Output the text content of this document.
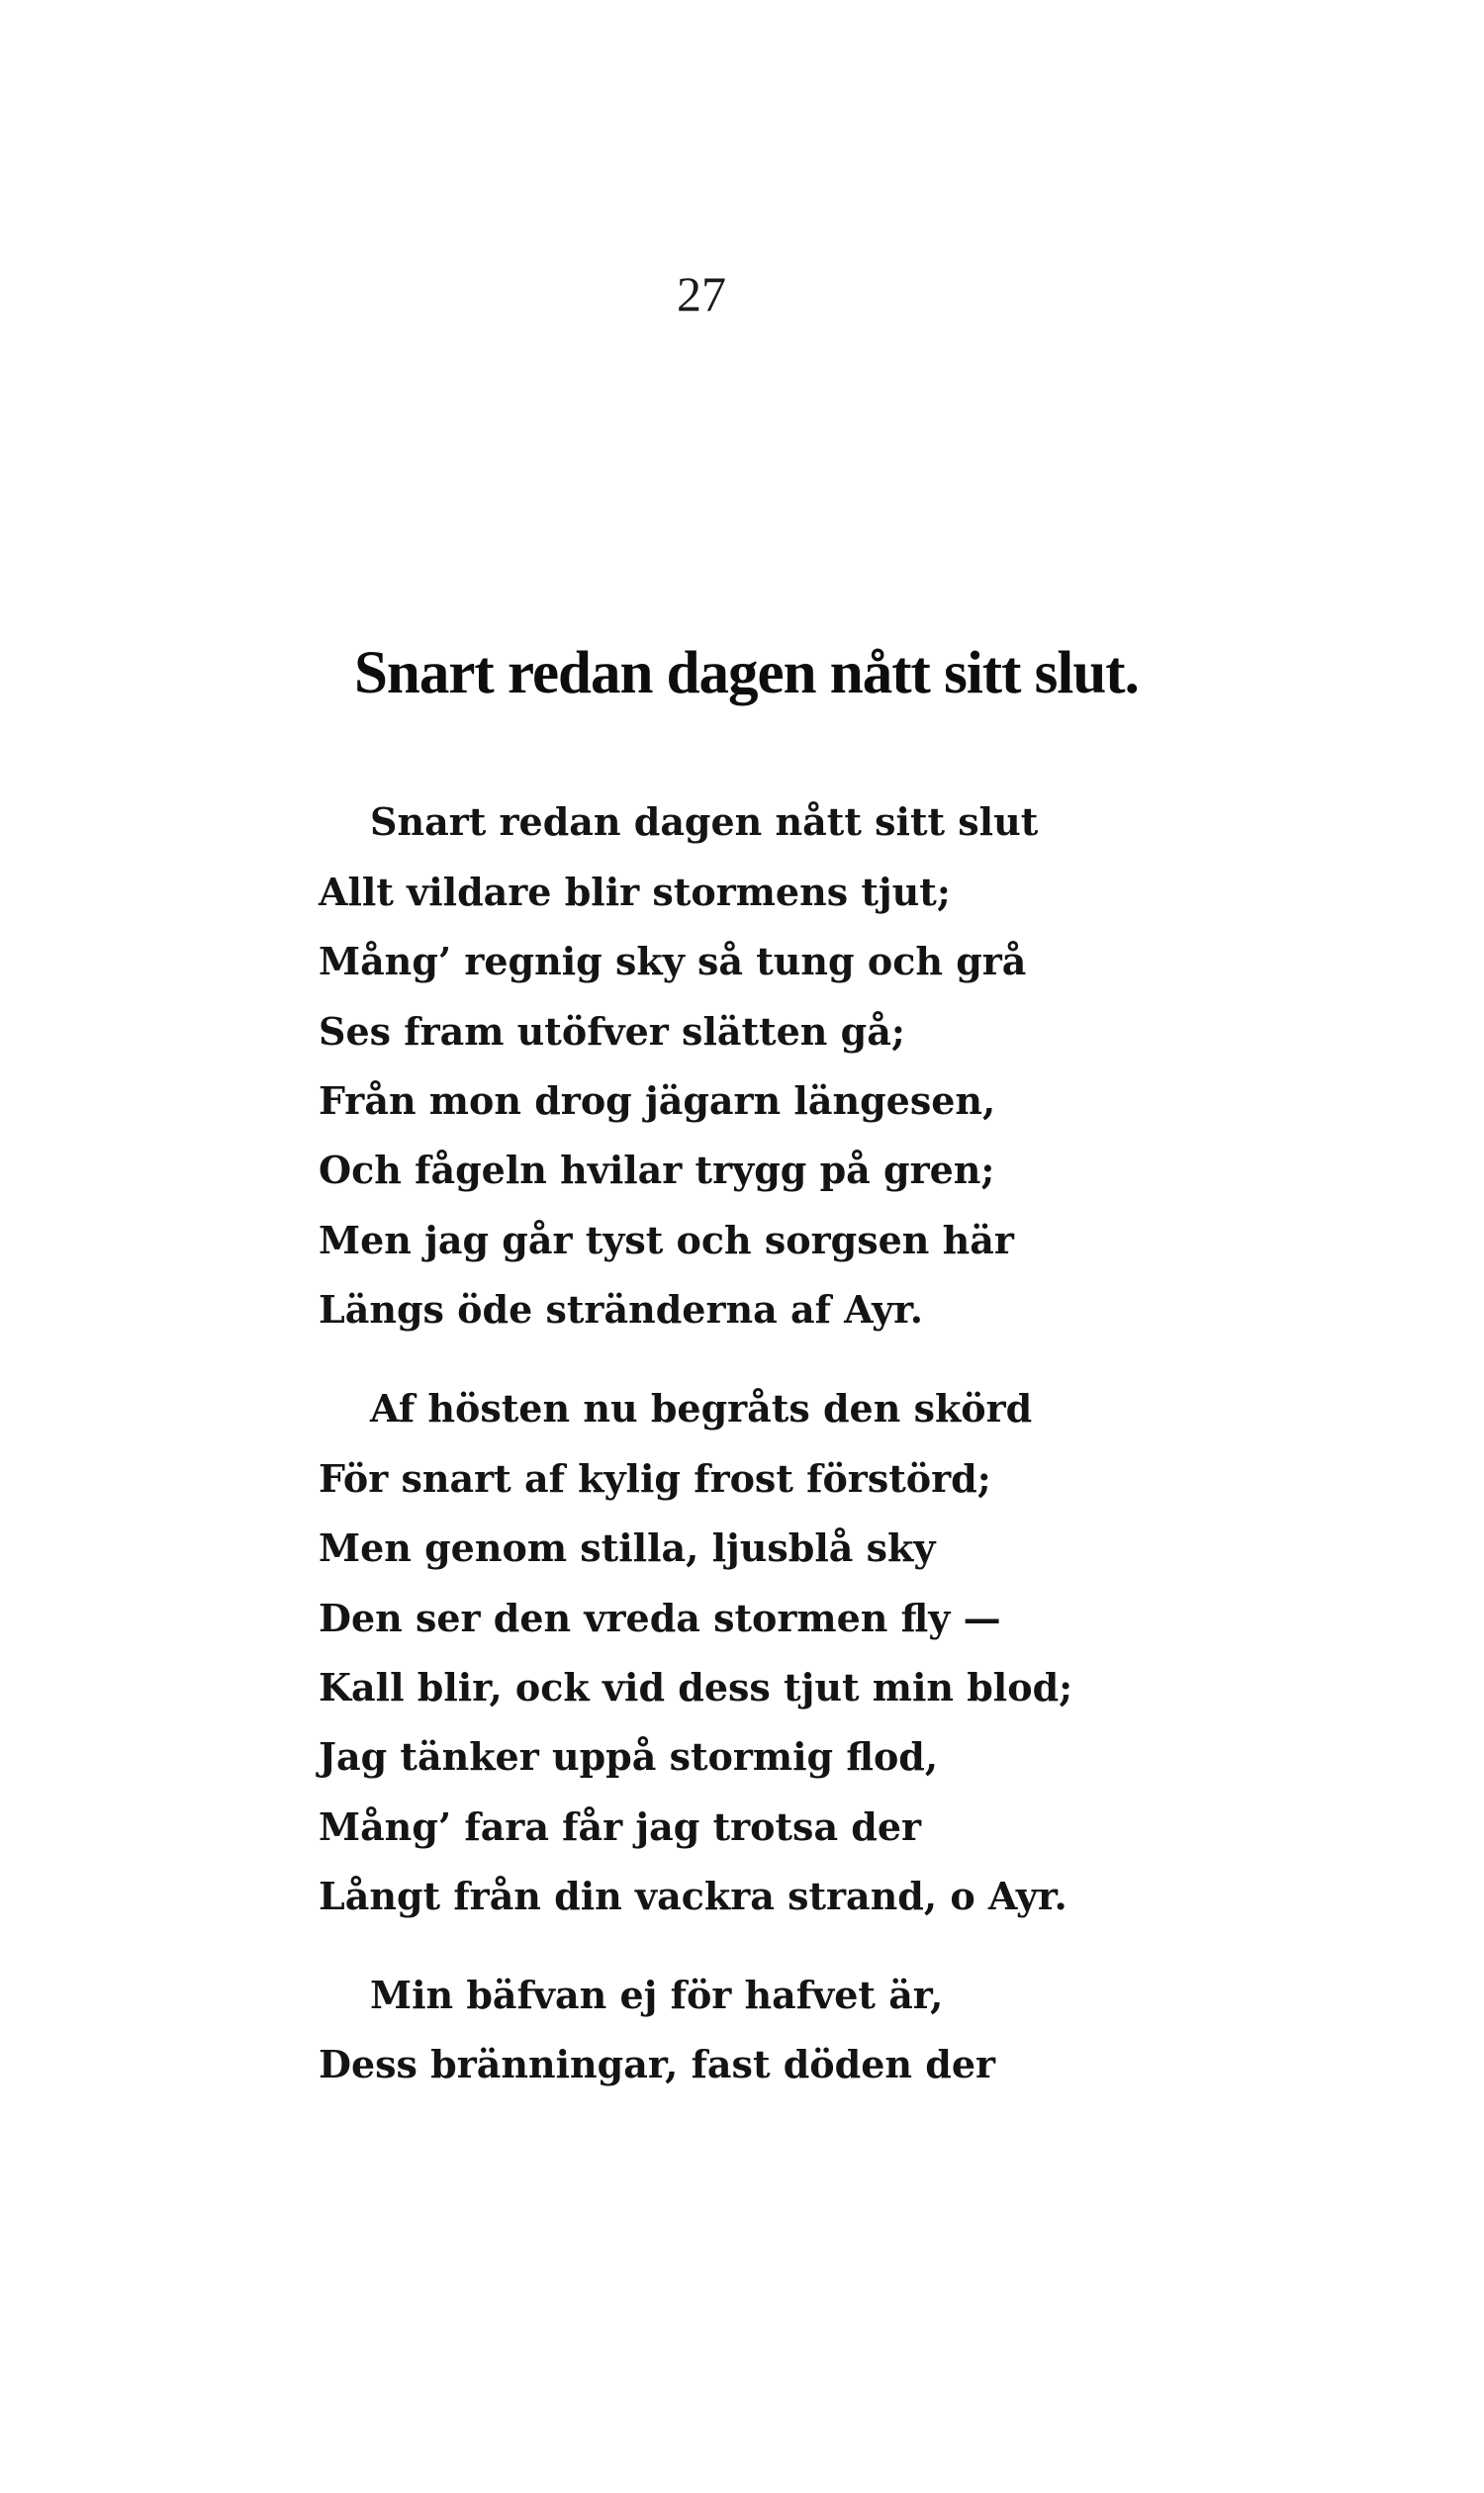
27
Snart redan dagen nått sitt slut.
Snart redan dagen nått sitt slut
Allt vildare blir stormens tjut;
Mång’ regnig sky så tung och grå
Ses fram utöfver slätten gå;
Från mon drog jägarn längesen,
Och fågeln hvilar trygg på gren;
Men jag går tyst och sorgsen här
Längs öde stränderna af Ayr.
Af hösten nu begråts den skörd
För snart af kylig frost förstörd;
Men genom stilla, ljusblå sky
Den ser den vreda stormen fly —
Kall blir, ock vid dess tjut min blod;
Jag tänker uppå stormig flod,
Mång’ fara får jag trotsa der
Långt från din vackra strand, o Ayr.
Min bäfvan ej för hafvet är,
Dess bränningar, fast döden der
